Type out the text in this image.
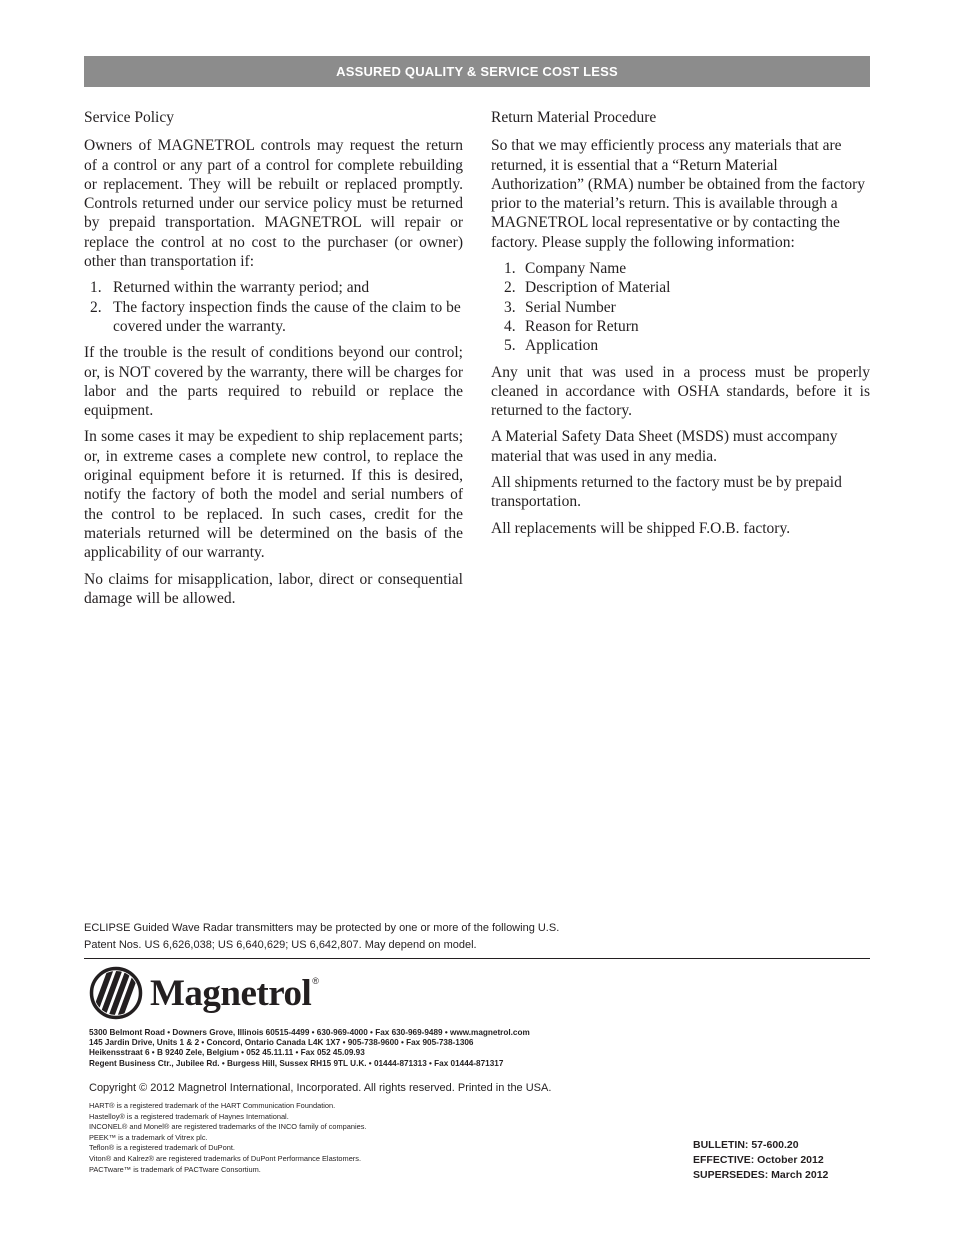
ASSURED QUALITY & SERVICE COST LESS
Service Policy

Owners of MAGNETROL controls may request the return of a control or any part of a control for complete rebuilding or replacement. They will be rebuilt or replaced promptly. Controls returned under our service policy must be returned by prepaid transportation. MAGNETROL will repair or replace the control at no cost to the purchaser (or owner) other than transportation if:

1. Returned within the warranty period; and
2. The factory inspection finds the cause of the claim to be covered under the warranty.

If the trouble is the result of conditions beyond our control; or, is NOT covered by the warranty, there will be charges for labor and the parts required to rebuild or replace the equipment.

In some cases it may be expedient to ship replacement parts; or, in extreme cases a complete new control, to replace the original equipment before it is returned. If this is desired, notify the factory of both the model and serial numbers of the control to be replaced. In such cases, credit for the materials returned will be determined on the basis of the applicability of our warranty.

No claims for misapplication, labor, direct or consequential damage will be allowed.

Return Material Procedure

So that we may efficiently process any materials that are returned, it is essential that a “Return Material Authorization” (RMA) number be obtained from the factory prior to the material’s return. This is available through a MAGNETROL local representative or by contacting the factory. Please supply the following information:

1. Company Name
2. Description of Material
3. Serial Number
4. Reason for Return
5. Application

Any unit that was used in a process must be properly cleaned in accordance with OSHA standards, before it is returned to the factory.

A Material Safety Data Sheet (MSDS) must accompany material that was used in any media.

All shipments returned to the factory must be by prepaid transportation.

All replacements will be shipped F.O.B. factory.

ECLIPSE Guided Wave Radar transmitters may be protected by one or more of the following U.S.
Patent Nos. US 6,626,038; US 6,640,629; US 6,642,807. May depend on model.
Magnetrol ®
5300 Belmont Road • Downers Grove, Illinois 60515-4499 • 630-969-4000 • Fax 630-969-9489 • www.magnetrol.com
145 Jardin Drive, Units 1 & 2 • Concord, Ontario Canada L4K 1X7 • 905-738-9600 • Fax 905-738-1306
Heikensstraat 6 • B 9240 Zele, Belgium • 052 45.11.11 • Fax 052 45.09.93
Regent Business Ctr., Jubilee Rd. • Burgess Hill, Sussex RH15 9TL U.K. • 01444-871313 • Fax 01444-871317
Copyright © 2012 Magnetrol International, Incorporated. All rights reserved. Printed in the USA.
HART® is a registered trademark of the HART Communication Foundation.
Hastelloy® is a registered trademark of Haynes International.
INCONEL® and Monel® are registered trademarks of the INCO family of companies.
PEEK™ is a trademark of Vitrex plc.
Teflon® is a registered trademark of DuPont.
Viton® and Kalrez® are registered trademarks of DuPont Performance Elastomers.
PACTware™ is trademark of PACTware Consortium.
BULLETIN: 57-600.20
EFFECTIVE: October 2012
SUPERSEDES: March 2012
